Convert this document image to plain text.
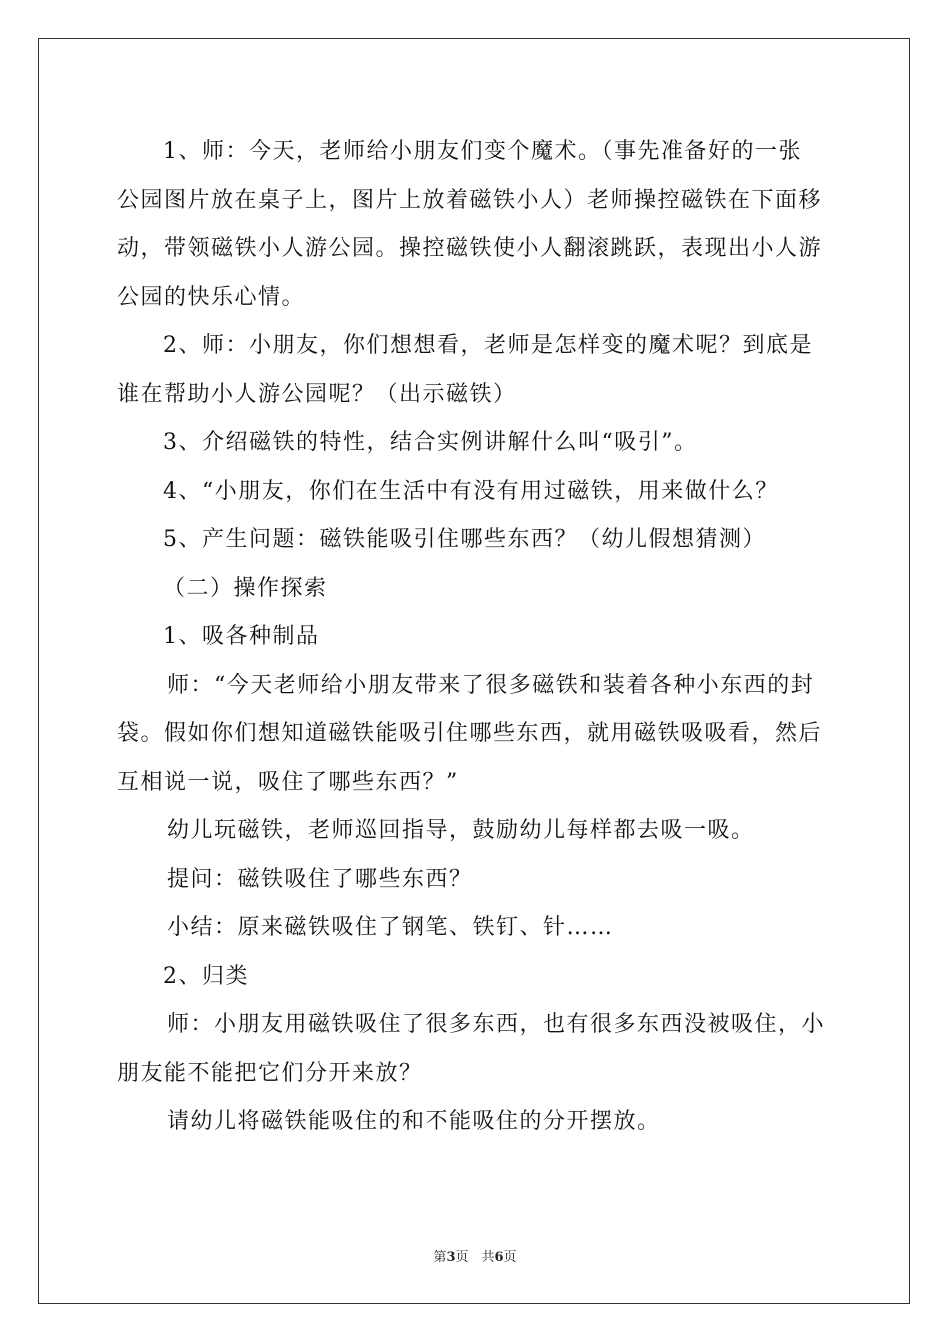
1、师：今天，老师给小朋友们变个魔术。（事先准备好的一张
公园图片放在桌子上，图片上放着磁铁小人）老师操控磁铁在下面移
动，带领磁铁小人游公园。操控磁铁使小人翻滚跳跃，表现出小人游
公园的快乐心情。
2、师：小朋友，你们想想看，老师是怎样变的魔术呢？到底是
谁在帮助小人游公园呢？（出示磁铁）
3、介绍磁铁的特性，结合实例讲解什么叫“吸引”。
4、“小朋友，你们在生活中有没有用过磁铁，用来做什么？
5、产生问题：磁铁能吸引住哪些东西？（幼儿假想猜测）
（二）操作探索
1、吸各种制品
师：“今天老师给小朋友带来了很多磁铁和装着各种小东西的封
袋。假如你们想知道磁铁能吸引住哪些东西，就用磁铁吸吸看，然后
互相说一说，吸住了哪些东西？”
幼儿玩磁铁，老师巡回指导，鼓励幼儿每样都去吸一吸。
提问：磁铁吸住了哪些东西？
小结：原来磁铁吸住了钢笔、铁钉、针……
2、归类
师：小朋友用磁铁吸住了很多东西，也有很多东西没被吸住，小
朋友能不能把它们分开来放？
请幼儿将磁铁能吸住的和不能吸住的分开摆放。
第3页　共6页
